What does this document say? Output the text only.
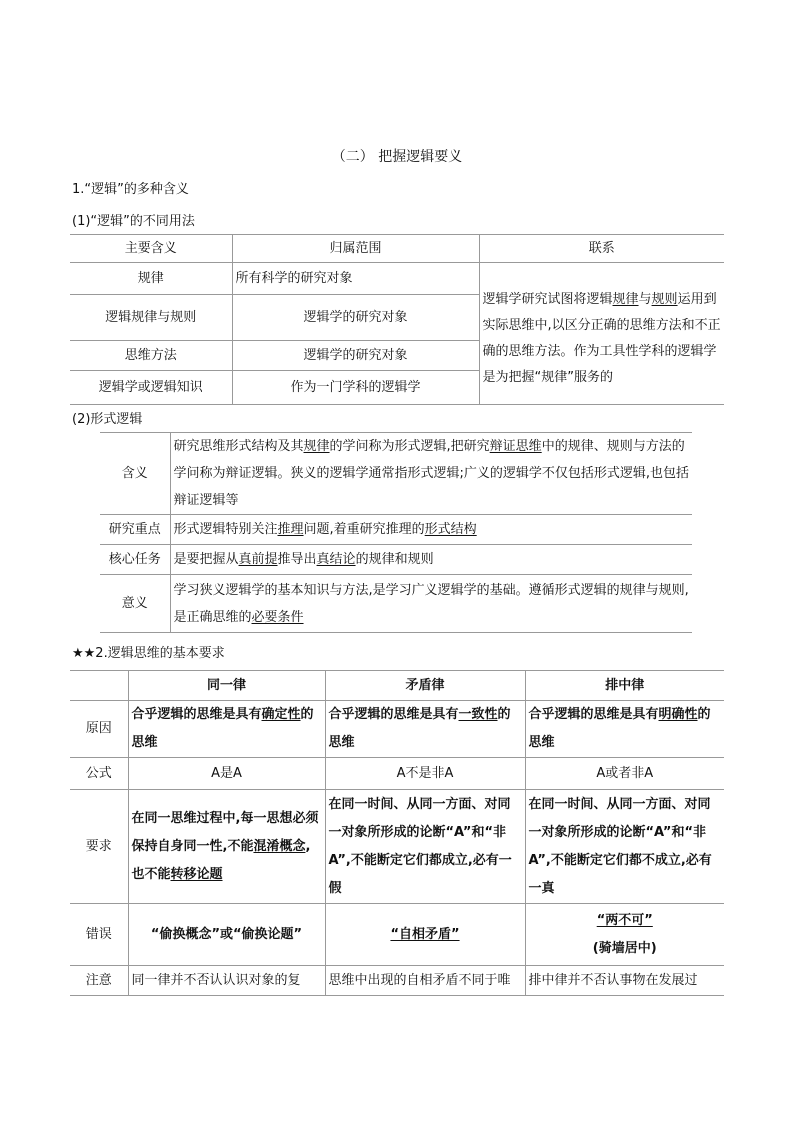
（二） 把握逻辑要义
1.“逻辑”的多种含义
(1)“逻辑”的不同用法
主要含义	归属范围	联系
规律	所有科学的研究对象	逻辑学研究试图将逻辑规律与规则运用到实际思维中,以区分正确的思维方法和不正确的思维方法。作为工具性学科的逻辑学是为把握“规律”服务的
逻辑规律与规则	逻辑学的研究对象	
思维方法	逻辑学的研究对象	
逻辑学或逻辑知识	作为一门学科的逻辑学	
(2)形式逻辑
含义	研究思维形式结构及其规律的学问称为形式逻辑,把研究辩证思维中的规律、规则与方法的学问称为辩证逻辑。狭义的逻辑学通常指形式逻辑;广义的逻辑学不仅包括形式逻辑,也包括辩证逻辑等
研究重点	形式逻辑特别关注推理问题,着重研究推理的形式结构
核心任务	是要把握从真前提推导出真结论的规律和规则
意义	学习狭义逻辑学的基本知识与方法,是学习广义逻辑学的基础。遵循形式逻辑的规律与规则,是正确思维的必要条件
★★2.逻辑思维的基本要求
	同一律	矛盾律	排中律
原因	合乎逻辑的思维是具有确定性的思维	合乎逻辑的思维是具有一致性的思维	合乎逻辑的思维是具有明确性的思维
公式	A是A	A不是非A	A或者非A
要求	在同一思维过程中,每一思想必须保持自身同一性,不能混淆概念,也不能转移论题	在同一时间、从同一方面、对同一对象所形成的论断“A”和“非A”,不能断定它们都成立,必有一假	在同一时间、从同一方面、对同一对象所形成的论断“A”和“非A”,不能断定它们都不成立,必有一真
错误	“偷换概念”或“偷换论题”	“自相矛盾”	“两不可”
(骑墙居中)
注意	同一律并不否认认识对象的复	思维中出现的自相矛盾不同于唯	排中律并不否认事物在发展过
